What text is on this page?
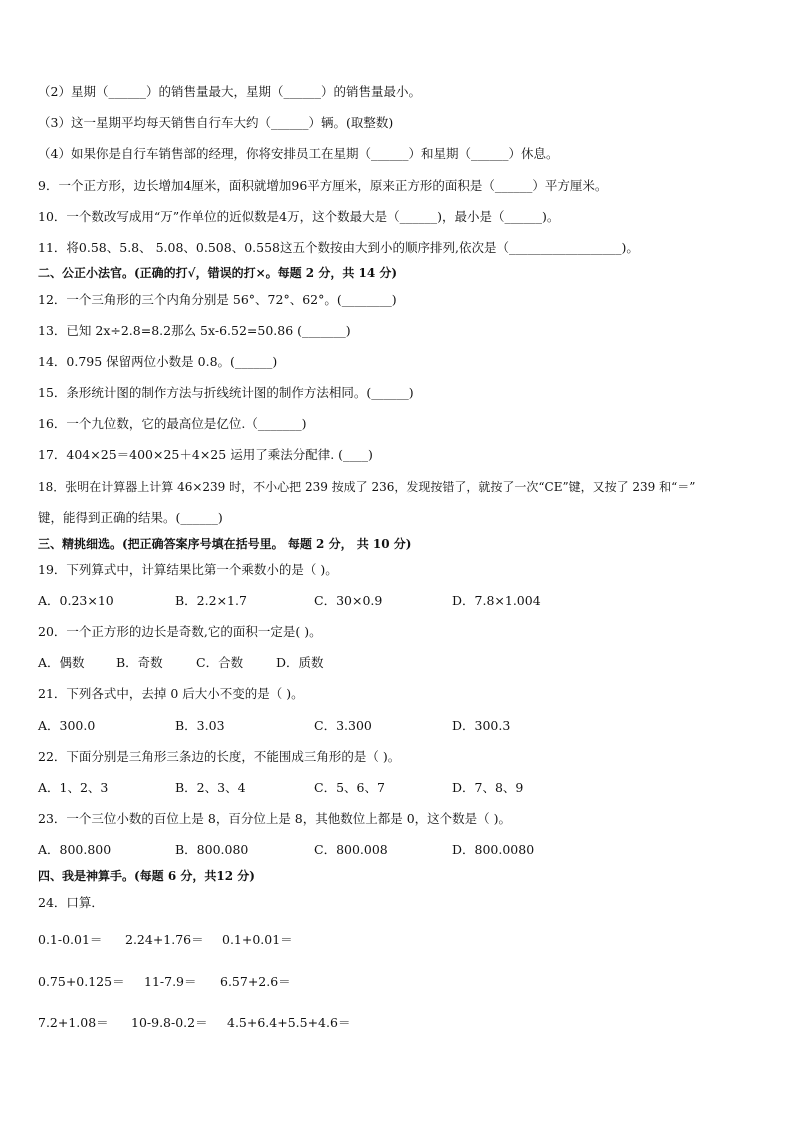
（2）星期（______）的销售量最大，星期（______）的销售量最小。
（3）这一星期平均每天销售自行车大约（______）辆。(取整数)
（4）如果你是自行车销售部的经理，你将安排员工在星期（______）和星期（______）休息。
9．一个正方形，边长增加4厘米，面积就增加96平方厘米，原来正方形的面积是（______）平方厘米。
10．一个数改写成用“万”作单位的近似数是4万，这个数最大是（______)，最小是（______)。
11．将0.58、5.8、 5.08、0.508、0.558这五个数按由大到小的顺序排列,依次是（__________________)。
二、公正小法官。(正确的打√，错误的打×。每题 2 分，共 14 分)
12．一个三角形的三个内角分别是 56°、72°、62°。(________)
13．已知 2x÷2.8=8.2那么 5x-6.52=50.86 (_______)
14．0.795 保留两位小数是 0.8。(______)
15．条形统计图的制作方法与折线统计图的制作方法相同。(______)
16．一个九位数，它的最高位是亿位.（_______)
17．404×25＝400×25＋4×25 运用了乘法分配律. (____)
18．张明在计算器上计算 46×239 时，不小心把 239 按成了 236，发现按错了，就按了一次“CE”键，又按了 239 和“＝”
键，能得到正确的结果。(______)
三、精挑细选。(把正确答案序号填在括号里。 每题 2 分， 共 10 分)
19．下列算式中，计算结果比第一个乘数小的是（ )。
A．0.23×10	B．2.2×1.7	C．30×0.9	D．7.8×1.004
20．一个正方形的边长是奇数,它的面积一定是( )。
A．偶数	B．奇数	C．合数	D．质数
21．下列各式中，去掉 0 后大小不变的是（ )。
A．300.0	B．3.03	C．3.300	D．300.3
22．下面分别是三角形三条边的长度，不能围成三角形的是（ )。
A．1、2、3	B．2、3、4	C．5、6、7	D．7、8、9
23．一个三位小数的百位上是 8，百分位上是 8，其他数位上都是 0，这个数是（ )。
A．800.800	B．800.080	C．800.008	D．800.0080
四、我是神算手。(每题 6 分，共12 分)
24．口算．
0.1-0.01＝ 2.24+1.76＝ 0.1+0.01＝
0.75+0.125＝ 11-7.9＝ 6.57+2.6＝
7.2+1.08＝ 10-9.8-0.2＝ 4.5+6.4+5.5+4.6＝
